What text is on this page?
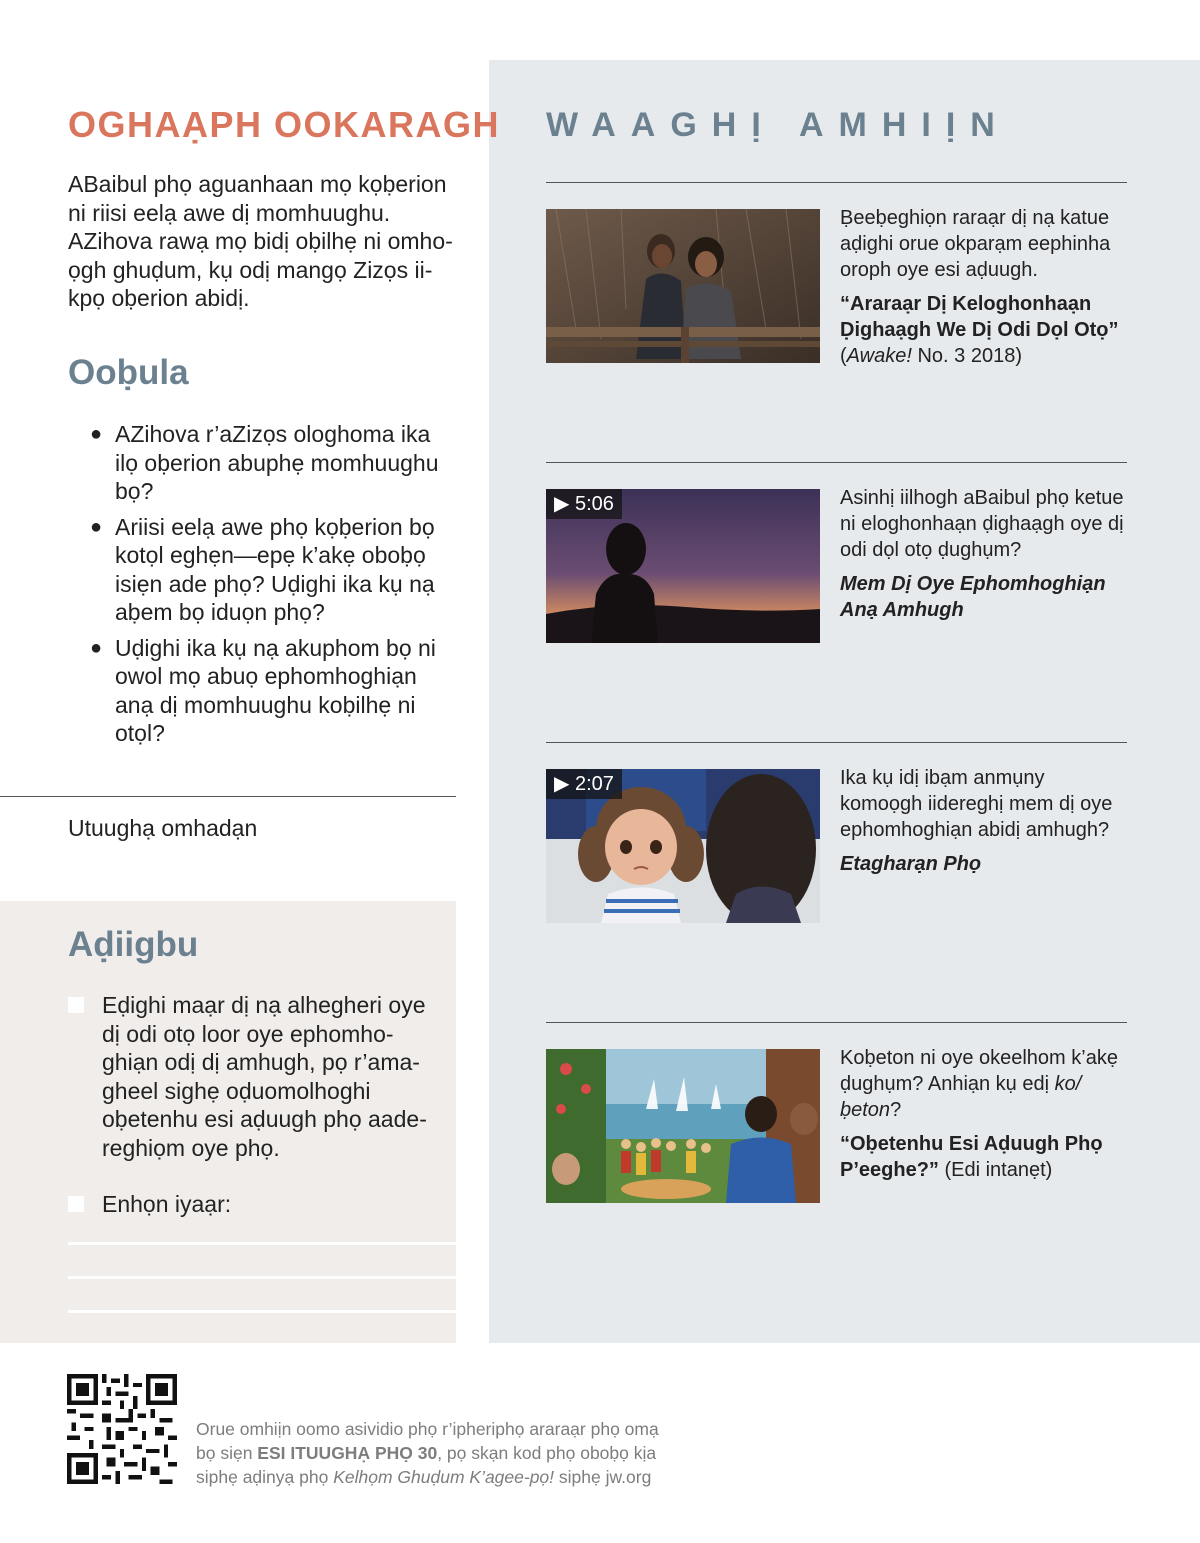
OGHAẠPH OOKARAGH

ABaibul phọ aguanhaan mọ kọḅerion ni riisi eelạ awe dị momhuughu. AZihova rawạ mọ bidị oḅilhẹ ni omhoọgh ghuḍum, kụ odị mangọ Zizọs iikpọ oḅerion abidị.

Ooḅula
● AZihova r’aZizọs ologhoma ika ilọ oḅerion abuphẹ momhuughu bọ?
● Ariisi eelạ awe phọ kọḅerion bọ kotọl eghẹn—epẹ k’akẹ oboḅọ isiẹn ade phọ? Uḍighi ika kụ nạ aḅem bọ iduọn phọ?
● Uḍighi ika kụ nạ akuphom bọ ni owol mọ abuọ ephomhoghiạn anạ dị momhuughu koḅilhẹ ni otọl?
Utuughạ omhadạn
Aḍiigbu
Eḍighi maạr dị nạ alhegheri oye dị odi otọ loor oye ephomhoghiạn odị dị amhugh, pọ r’amagheel sighẹ oḍuomolhoghi oḅetenhu esi aḍuugh phọ aadereghiọm oye phọ.
Enhọn iyaạr:
WAAGHỊ AMHIỊN

Ḅeeḅeghiọn raraạr dị nạ katue aḍighi orue okparạm eephinha oroph oye esi aḍuugh.

“Araraạr Dị Keloghonhaạn Ḍighaạgh We Dị Odi Dọl Otọ”
(Awake! No. 3 2018)

▶ 5:06	Asinhị iilhogh aBaibul phọ ketue ni eloghonhaạn ḍighaạgh oye dị odi dọl otọ ḍughụm?

Mem Dị Oye Ephomhoghiạn Anạ Amhugh

▶ 2:07	Ika kụ idị ibạm anmụny komoọgh iidereghị mem dị oye ephomhoghiạn abidị amhugh?

Etagharạn Phọ

Koḅeton ni oye okeelhom k’akẹ ḍughụm? Anhiạn kụ edị ko/ḅeton?

“Oḅetenhu Esi Aḍuugh Phọ P’eeghe?” (Edi intanẹt)

Orue omhiịn oomo asividio phọ r’ipheriphọ araraạr phọ omạ
bọ siẹn ESI ITUUGHẠ PHỌ 30, pọ skạn kod phọ oboḅọ kịa
siphẹ aḍinyạ phọ Kelhọm Ghuḍum K’agee-pọ! siphẹ jw.org
